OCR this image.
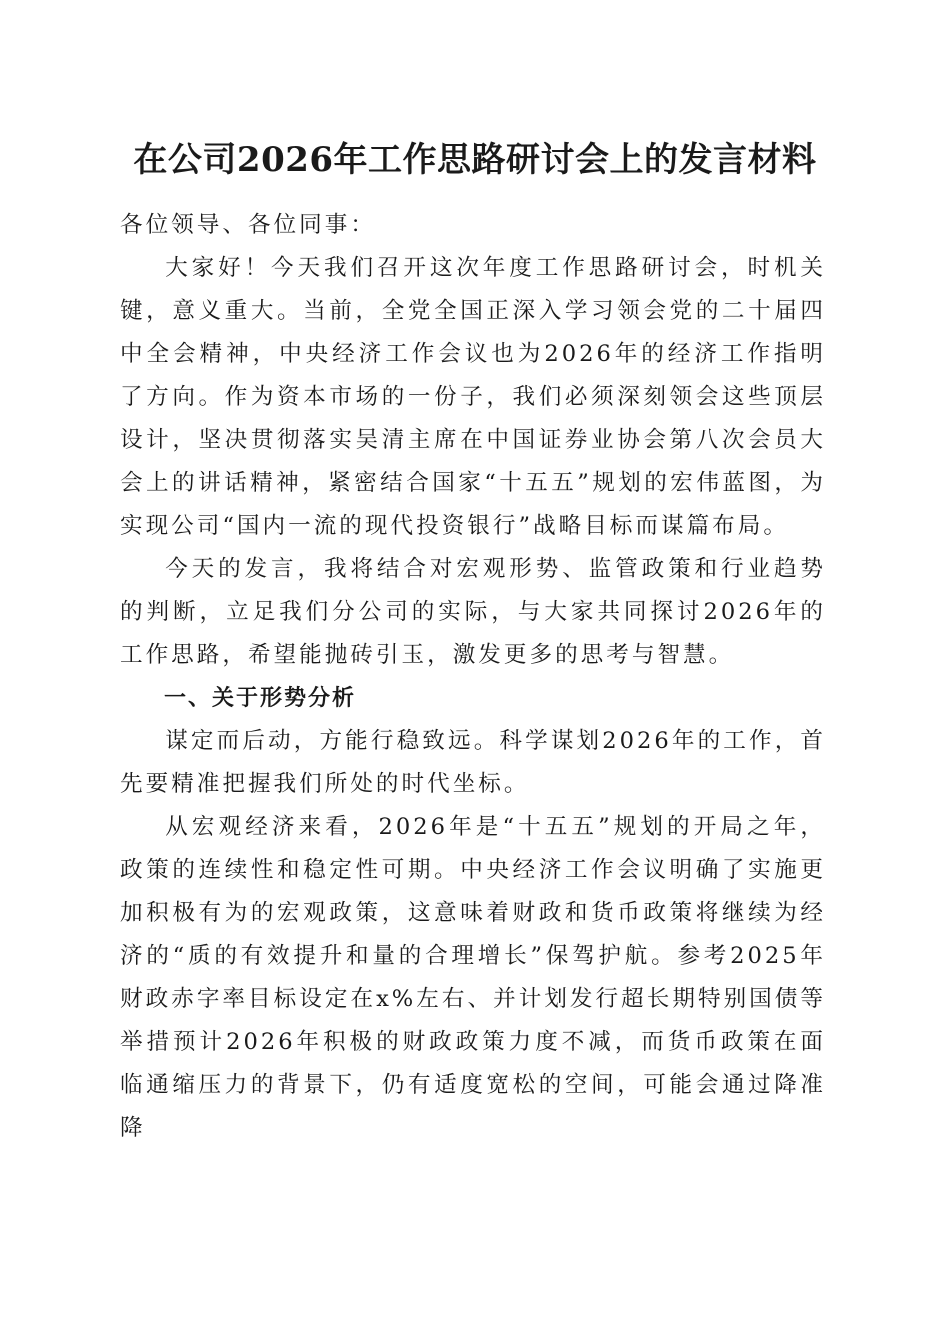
在公司2026年工作思路研讨会上的发言材料

各位领导、各位同事：

大家好！今天我们召开这次年度工作思路研讨会，时机关键，意义重大。当前，全党全国正深入学习领会党的二十届四中全会精神，中央经济工作会议也为2026年的经济工作指明了方向。作为资本市场的一份子，我们必须深刻领会这些顶层设计，坚决贯彻落实吴清主席在中国证券业协会第八次会员大会上的讲话精神，紧密结合国家“十五五”规划的宏伟蓝图，为实现公司“国内一流的现代投资银行”战略目标而谋篇布局。

今天的发言，我将结合对宏观形势、监管政策和行业趋势的判断，立足我们分公司的实际，与大家共同探讨2026年的工作思路，希望能抛砖引玉，激发更多的思考与智慧。

一、关于形势分析

谋定而后动，方能行稳致远。科学谋划2026年的工作，首先要精准把握我们所处的时代坐标。

从宏观经济来看，2026年是“十五五”规划的开局之年，政策的连续性和稳定性可期。中央经济工作会议明确了实施更加积极有为的宏观政策，这意味着财政和货币政策将继续为经济的“质的有效提升和量的合理增长”保驾护航。参考2025年财政赤字率目标设定在x%左右、并计划发行超长期特别国债等举措预计2026年积极的财政政策力度不减，而货币政策在面临通缩压力的背景下，仍有适度宽松的空间，可能会通过降准降
